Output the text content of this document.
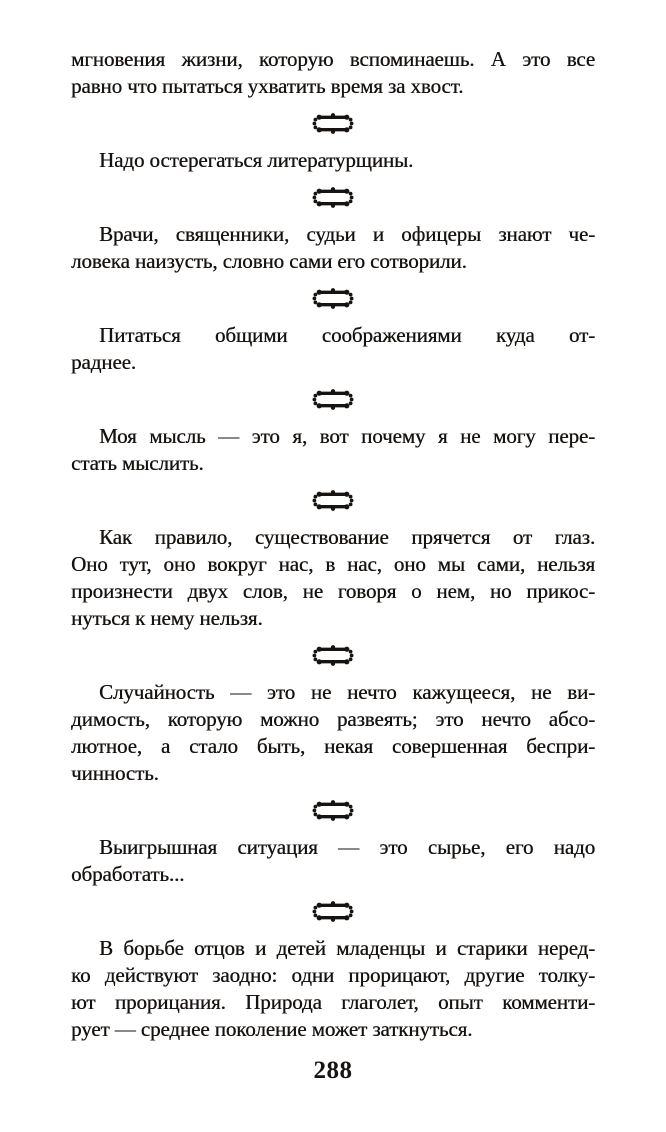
мгновения жизни, которую вспоминаешь. А это все
равно что пытаться ухватить время за хвост.

Надо остерегаться литературщины.

Врачи, священники, судьи и офицеры знают че-
ловека наизусть, словно сами его сотворили.

Питаться общими соображениями куда от-
раднее.

Моя мысль — это я, вот почему я не могу пере-
стать мыслить.

Как правило, существование прячется от глаз.
Оно тут, оно вокруг нас, в нас, оно мы сами, нельзя
произнести двух слов, не говоря о нем, но прикос-
нуться к нему нельзя.

Случайность — это не нечто кажущееся, не ви-
димость, которую можно развеять; это нечто абсо-
лютное, а стало быть, некая совершенная беспри-
чинность.

Выигрышная ситуация — это сырье, его надо
обработать...

В борьбе отцов и детей младенцы и старики неред-
ко действуют заодно: одни прорицают, другие толку-
ют прорицания. Природа глаголет, опыт комменти-
рует — среднее поколение может заткнуться.

288
